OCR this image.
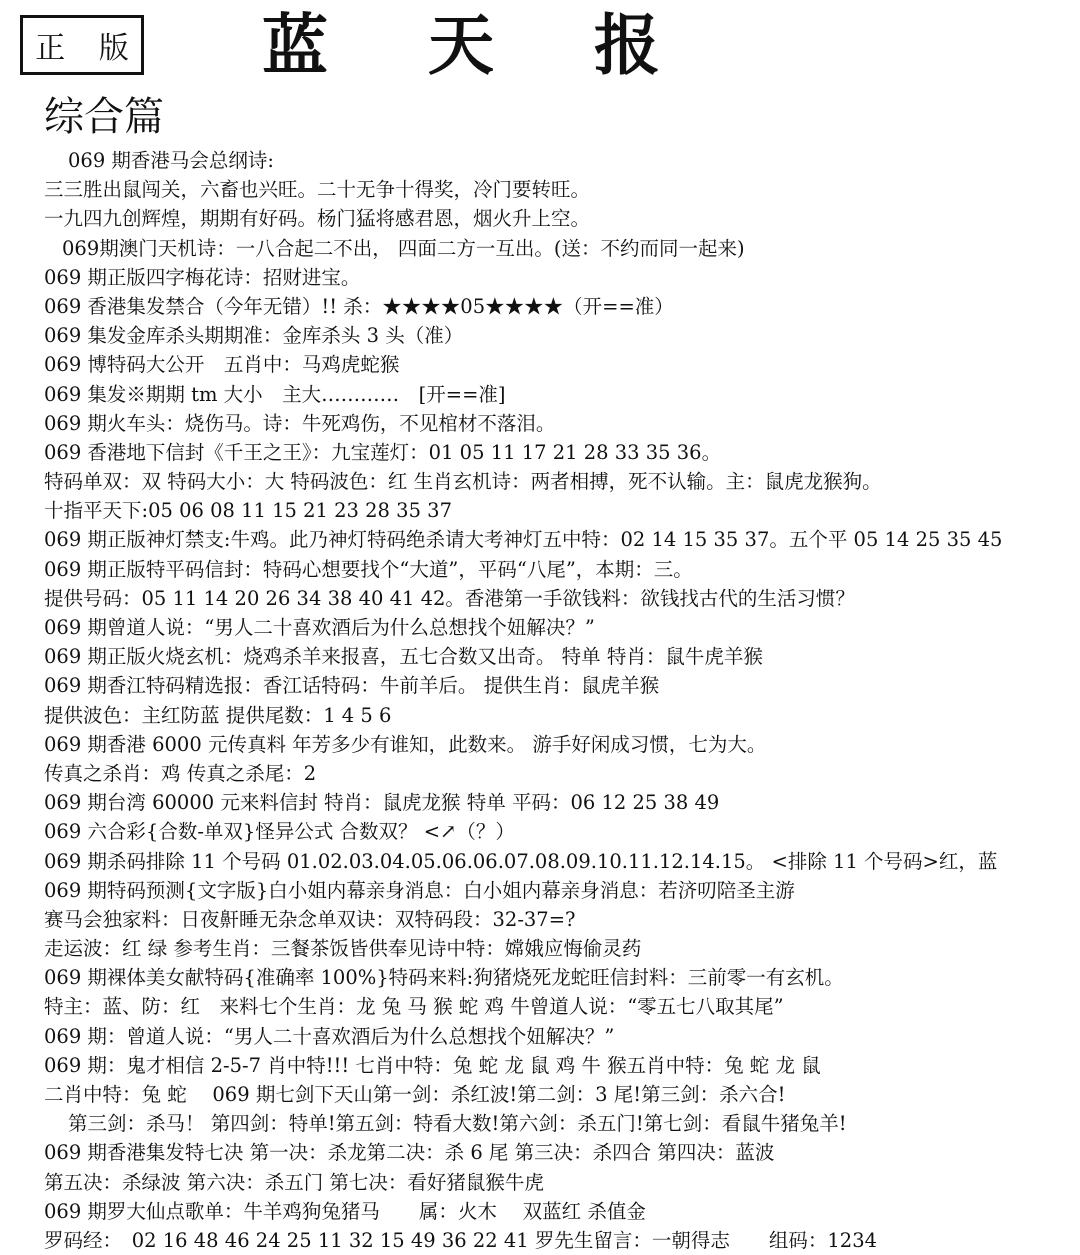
正 版 蓝天报
综合篇
069 期香港马会总纲诗:
三三胜出鼠闯关，六畜也兴旺。二十无争十得奖，冷门要转旺。
一九四九创辉煌，期期有好码。杨门猛将感君恩，烟火升上空。
069期澳门天机诗：一八合起二不出， 四面二方一互出。(送：不约而同一起来)
069 期正版四字梅花诗：招财进宝。
069 香港集发禁合（今年无错）!! 杀：★★★★05★★★★（开==准）
069 集发金库杀头期期准：金库杀头 3 头（准）
069 博特码大公开　五肖中：马鸡虎蛇猴
069 集发※期期 tm 大小　主大…………　[开==准]
069 期火车头：烧伤马。诗：牛死鸡伤，不见棺材不落泪。
069 香港地下信封《千王之王》：九宝莲灯：01 05 11 17 21 28 33 35 36。
特码单双：双 特码大小：大 特码波色：红 生肖玄机诗：两者相搏，死不认输。主：鼠虎龙猴狗。
十指平天下:05 06 08 11 15 21 23 28 35 37
069 期正版神灯禁支:牛鸡。此乃神灯特码绝杀请大考神灯五中特：02 14 15 35 37。五个平 05 14 25 35 45
069 期正版特平码信封：特码心想要找个“大道”，平码“八尾”，本期：三。
提供号码：05 11 14 20 26 34 38 40 41 42。香港第一手欲钱料：欲钱找古代的生活习惯？
069 期曾道人说：“男人二十喜欢酒后为什么总想找个妞解决？”
069 期正版火烧玄机：烧鸡杀羊来报喜，五七合数又出奇。 特单 特肖：鼠牛虎羊猴
069 期香江特码精选报：香江话特码：牛前羊后。 提供生肖：鼠虎羊猴
提供波色：主红防蓝 提供尾数：1 4 5 6
069 期香港 6000 元传真料 年芳多少有谁知，此数来。 游手好闲成习惯，七为大。
传真之杀肖：鸡 传真之杀尾：2
069 期台湾 60000 元来料信封 特肖：鼠虎龙猴 特单 平码：06 12 25 38 49
069 六合彩{合数-单双}怪异公式 合数双？ <↗（？）
069 期杀码排除 11 个号码 01.02.03.04.05.06.06.07.08.09.10.11.12.14.15。 <排除 11 个号码>红，蓝
069 期特码预测{文字版}白小姐内幕亲身消息：白小姐内幕亲身消息：若济叨陪圣主游
赛马会独家料：日夜鼾睡无杂念单双诀：双特码段：32-37=?
走运波：红 绿 参考生肖：三餐茶饭皆供奉见诗中特：嫦娥应悔偷灵药
069 期裸体美女献特码{准确率 100%}特码来料:狗猪烧死龙蛇旺信封料：三前零一有玄机。
特主：蓝、防：红　来料七个生肖：龙 兔 马 猴 蛇 鸡 牛曾道人说：“零五七八取其尾”
069 期：曾道人说：“男人二十喜欢酒后为什么总想找个妞解决？”
069 期：鬼才相信 2-5-7 肖中特!!! 七肖中特：兔 蛇 龙 鼠 鸡 牛 猴五肖中特：兔 蛇 龙 鼠
二肖中特：兔 蛇　 069 期七剑下天山第一剑：杀红波!第二剑：3 尾!第三剑：杀六合!
第三剑：杀马！ 第四剑：特单!第五剑：特看大数!第六剑：杀五门!第七剑：看鼠牛猪兔羊!
069 期香港集发特七决 第一决：杀龙第二决：杀 6 尾 第三决：杀四合 第四决：蓝波
第五决：杀绿波 第六决：杀五门 第七决：看好猪鼠猴牛虎
069 期罗大仙点歌单：牛羊鸡狗兔猪马　　属：火木　 双蓝红 杀值金
罗码经：　02 16 48 46 24 25 11 32 15 49 36 22 41 罗先生留言：一朝得志　　组码：1234
